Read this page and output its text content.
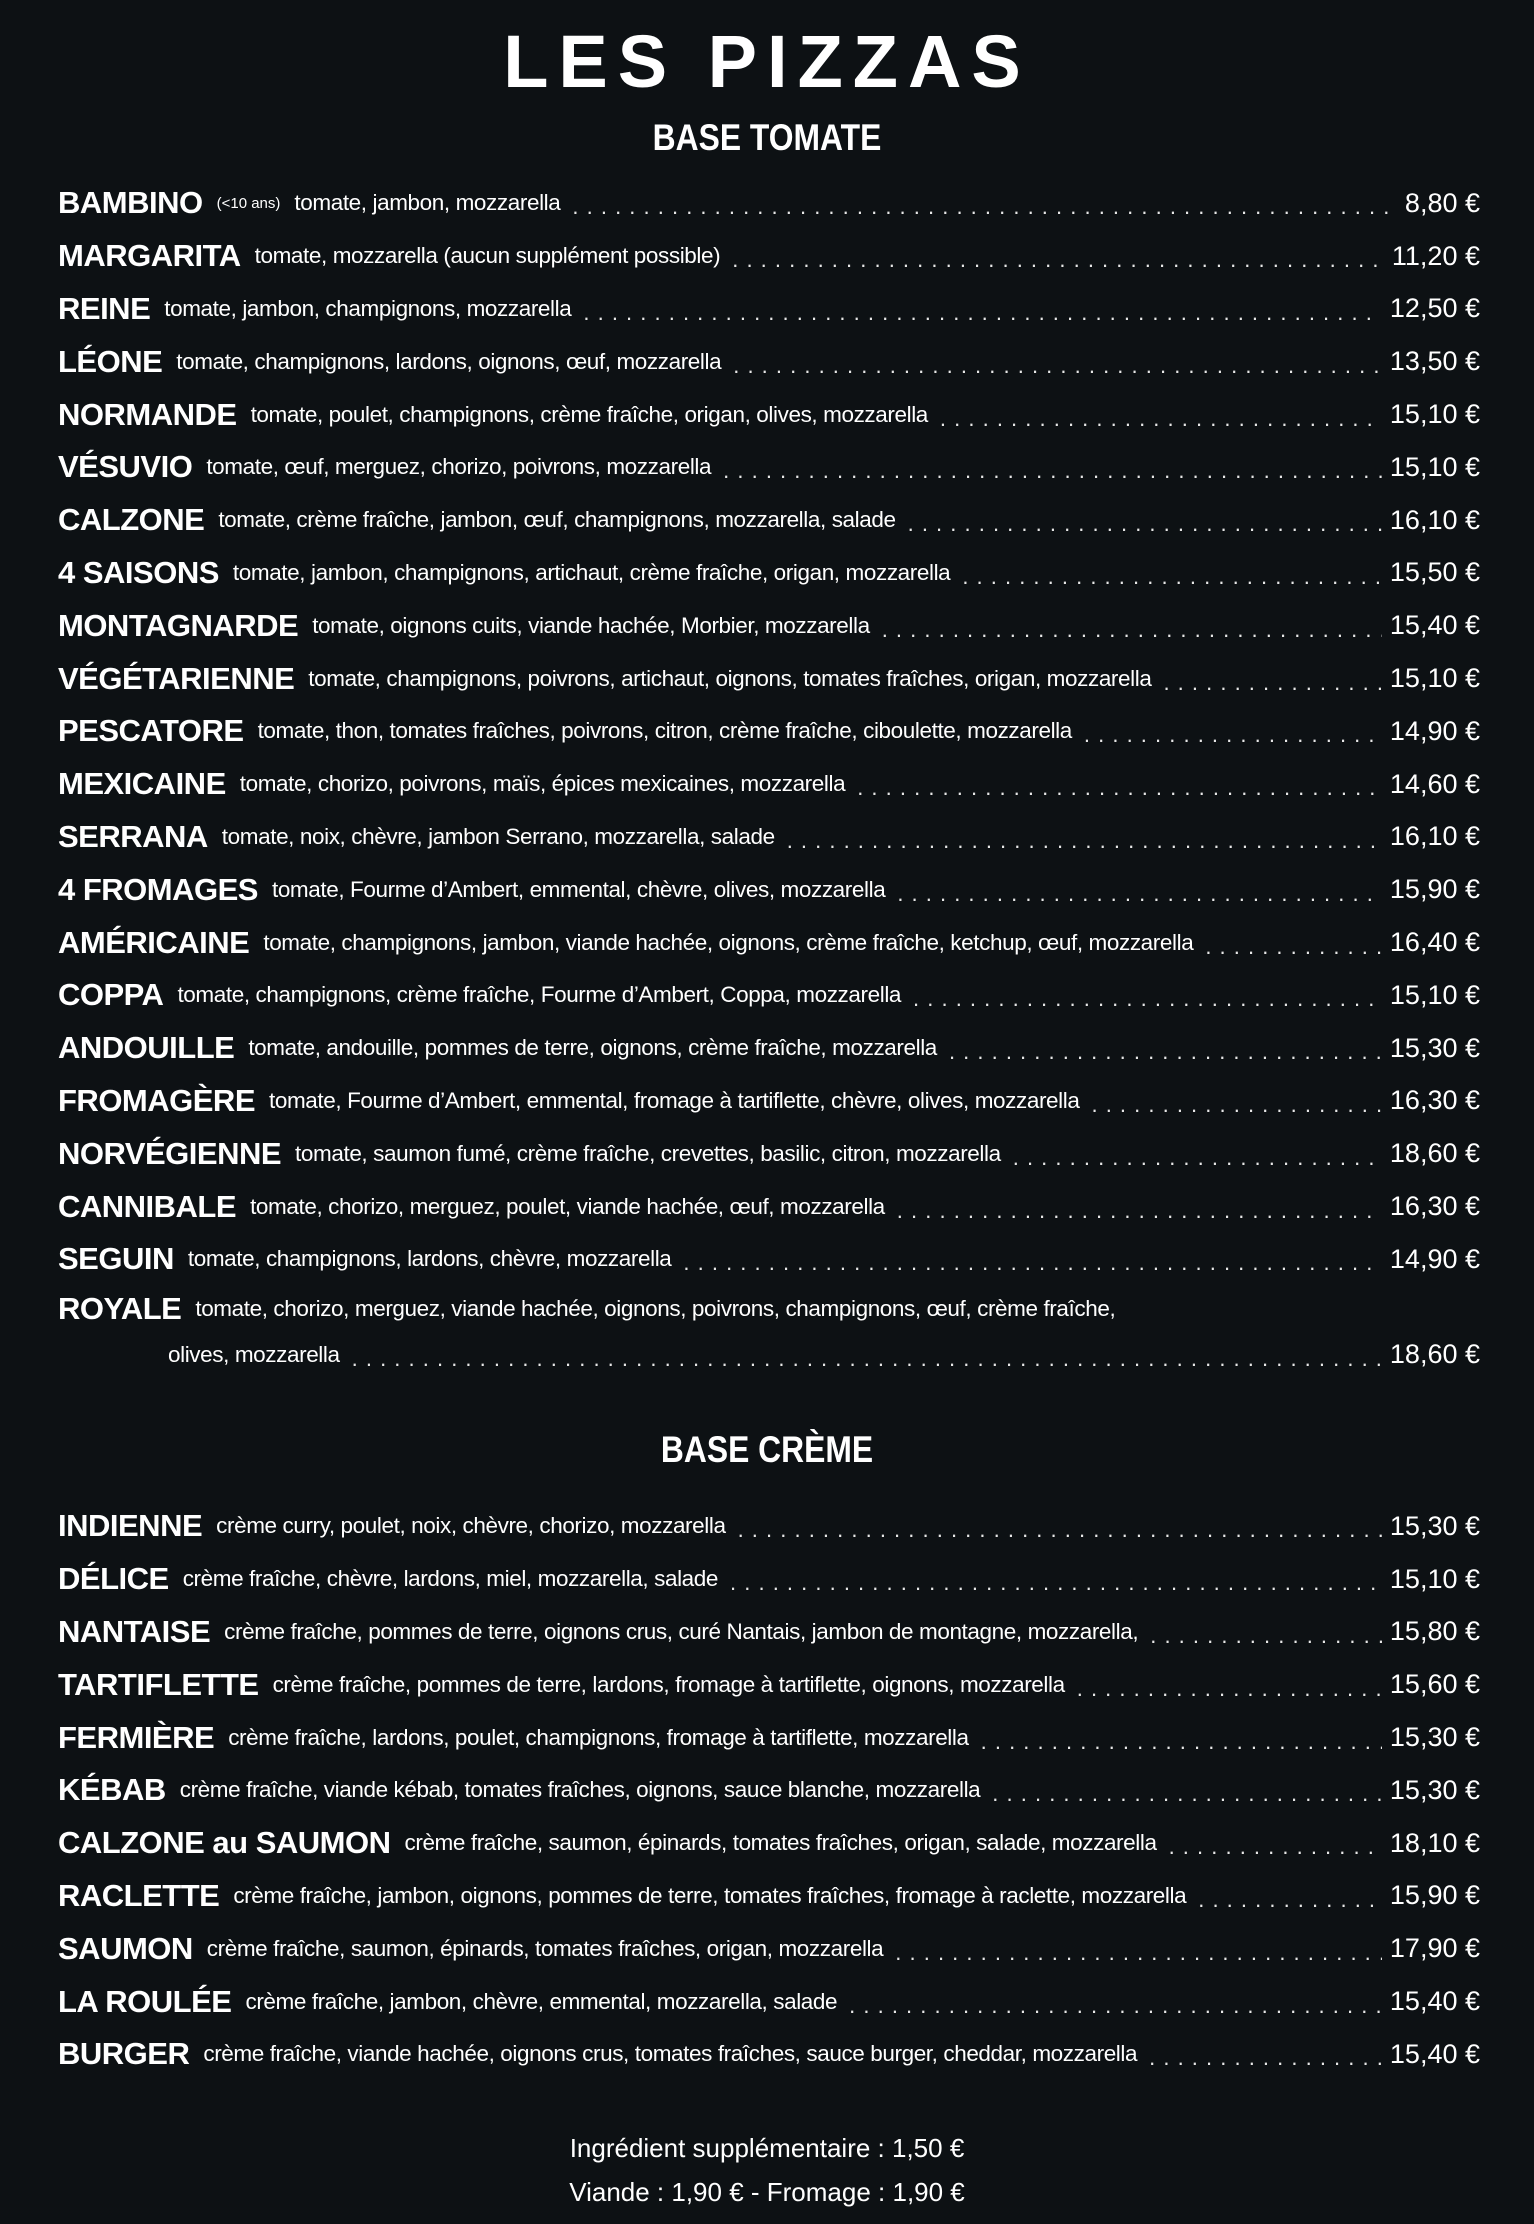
LES PIZZAS
BASE TOMATE
BAMBINO (<10 ans) tomate, jambon, mozzarella . . .	8,80 €
MARGARITA tomate, mozzarella (aucun supplément possible) . . .	11,20 €
REINE tomate, jambon, champignons, mozzarella . . .	12,50 €
LÉONE tomate, champignons, lardons, oignons, œuf, mozzarella . . .	13,50 €
NORMANDE tomate, poulet, champignons, crème fraîche, origan, olives, mozzarella . . .	15,10 €
VÉSUVIO tomate, œuf, merguez, chorizo, poivrons, mozzarella . . .	15,10 €
CALZONE tomate, crème fraîche, jambon, œuf, champignons, mozzarella, salade . . .	16,10 €
4 SAISONS tomate, jambon, champignons, artichaut, crème fraîche, origan, mozzarella . . .	15,50 €
MONTAGNARDE tomate, oignons cuits, viande hachée, Morbier, mozzarella . . .	15,40 €
VÉGÉTARIENNE tomate, champignons, poivrons, artichaut, oignons, tomates fraîches, origan, mozzarella . . .	15,10 €
PESCATORE tomate, thon, tomates fraîches, poivrons, citron, crème fraîche, ciboulette, mozzarella . . .	14,90 €
MEXICAINE tomate, chorizo, poivrons, maïs, épices mexicaines, mozzarella . . .	14,60 €
SERRANA tomate, noix, chèvre, jambon Serrano, mozzarella, salade . . .	16,10 €
4 FROMAGES tomate, Fourme d’Ambert, emmental, chèvre, olives, mozzarella . . .	15,90 €
AMÉRICAINE tomate, champignons, jambon, viande hachée, oignons, crème fraîche, ketchup, œuf, mozzarella . . .	16,40 €
COPPA tomate, champignons, crème fraîche, Fourme d’Ambert, Coppa, mozzarella . . .	15,10 €
ANDOUILLE tomate, andouille, pommes de terre, oignons, crème fraîche, mozzarella . . .	15,30 €
FROMAGÈRE tomate, Fourme d’Ambert, emmental, fromage à tartiflette, chèvre, olives, mozzarella . . .	16,30 €
NORVÉGIENNE tomate, saumon fumé, crème fraîche, crevettes, basilic, citron, mozzarella . . .	18,60 €
CANNIBALE tomate, chorizo, merguez, poulet, viande hachée, œuf, mozzarella . . .	16,30 €
SEGUIN tomate, champignons, lardons, chèvre, mozzarella . . .	14,90 €
ROYALE tomate, chorizo, merguez, viande hachée, oignons, poivrons, champignons, œuf, crème fraîche,
olives, mozzarella . . .	18,60 €
BASE CRÈME
INDIENNE crème curry, poulet, noix, chèvre, chorizo, mozzarella . . .	15,30 €
DÉLICE crème fraîche, chèvre, lardons, miel, mozzarella, salade . . .	15,10 €
NANTAISE crème fraîche, pommes de terre, oignons crus, curé Nantais, jambon de montagne, mozzarella, . . .	15,80 €
TARTIFLETTE crème fraîche, pommes de terre, lardons, fromage à tartiflette, oignons, mozzarella . . .	15,60 €
FERMIÈRE crème fraîche, lardons, poulet, champignons, fromage à tartiflette, mozzarella . . .	15,30 €
KÉBAB crème fraîche, viande kébab, tomates fraîches, oignons, sauce blanche, mozzarella . . .	15,30 €
CALZONE au SAUMON crème fraîche, saumon, épinards, tomates fraîches, origan, salade, mozzarella . . .	18,10 €
RACLETTE crème fraîche, jambon, oignons, pommes de terre, tomates fraîches, fromage à raclette, mozzarella . . .	15,90 €
SAUMON crème fraîche, saumon, épinards, tomates fraîches, origan, mozzarella . . .	17,90 €
LA ROULÉE crème fraîche, jambon, chèvre, emmental, mozzarella, salade . . .	15,40 €
BURGER crème fraîche, viande hachée, oignons crus, tomates fraîches, sauce burger, cheddar, mozzarella . . .	15,40 €
Ingrédient supplémentaire : 1,50 €
Viande : 1,90 € - Fromage : 1,90 €
